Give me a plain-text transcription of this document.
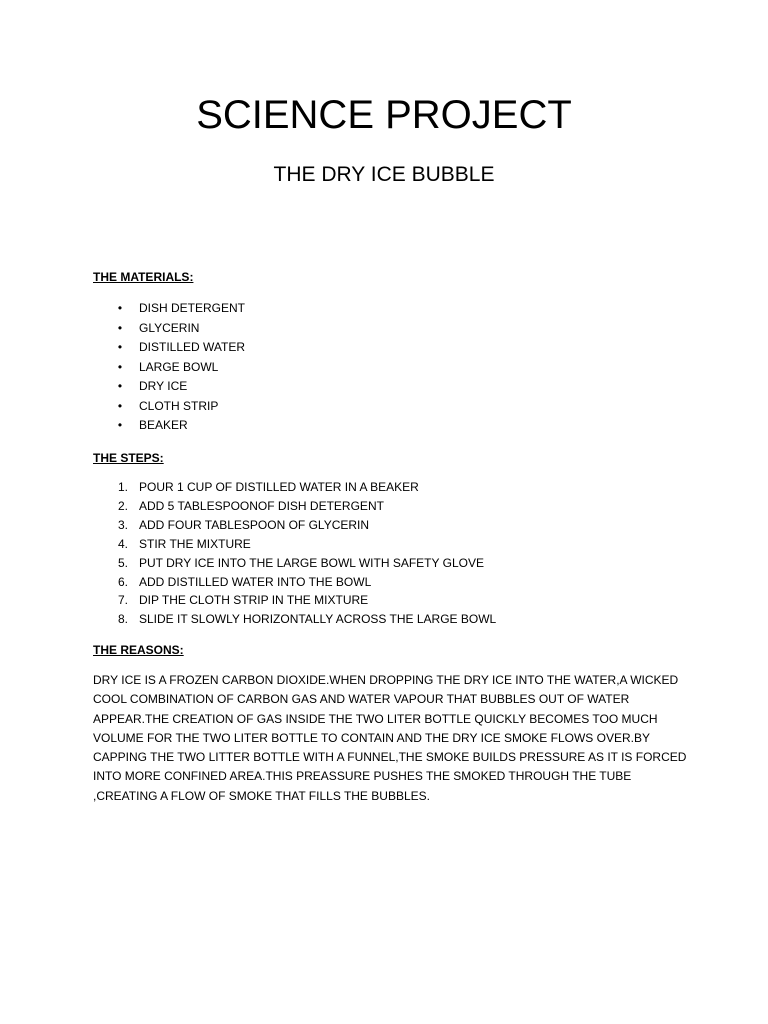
SCIENCE PROJECT
THE DRY ICE BUBBLE
THE MATERIALS:
• DISH DETERGENT
• GLYCERIN
• DISTILLED WATER
• LARGE BOWL
• DRY ICE
• CLOTH STRIP
• BEAKER
THE STEPS:
1. POUR 1 CUP OF DISTILLED WATER IN A BEAKER
2. ADD 5 TABLESPOONOF DISH DETERGENT
3. ADD FOUR TABLESPOON OF GLYCERIN
4. STIR THE MIXTURE
5. PUT DRY ICE INTO THE LARGE BOWL WITH SAFETY GLOVE
6. ADD DISTILLED WATER INTO THE BOWL
7. DIP THE CLOTH STRIP IN THE MIXTURE
8. SLIDE IT SLOWLY HORIZONTALLY ACROSS THE LARGE BOWL
THE REASONS:

DRY ICE IS A FROZEN CARBON DIOXIDE.WHEN DROPPING THE DRY ICE INTO THE WATER,A WICKED
COOL COMBINATION OF CARBON GAS AND WATER VAPOUR THAT BUBBLES OUT OF WATER
APPEAR.THE CREATION OF GAS INSIDE THE TWO LITER BOTTLE QUICKLY BECOMES TOO MUCH
VOLUME FOR THE TWO LITER BOTTLE TO CONTAIN AND THE DRY ICE SMOKE FLOWS OVER.BY
CAPPING THE TWO LITTER BOTTLE WITH A FUNNEL,THE SMOKE BUILDS PRESSURE AS IT IS FORCED
INTO MORE CONFINED AREA.THIS PREASSURE PUSHES THE SMOKED THROUGH THE TUBE
,CREATING A FLOW OF SMOKE THAT FILLS THE BUBBLES.
